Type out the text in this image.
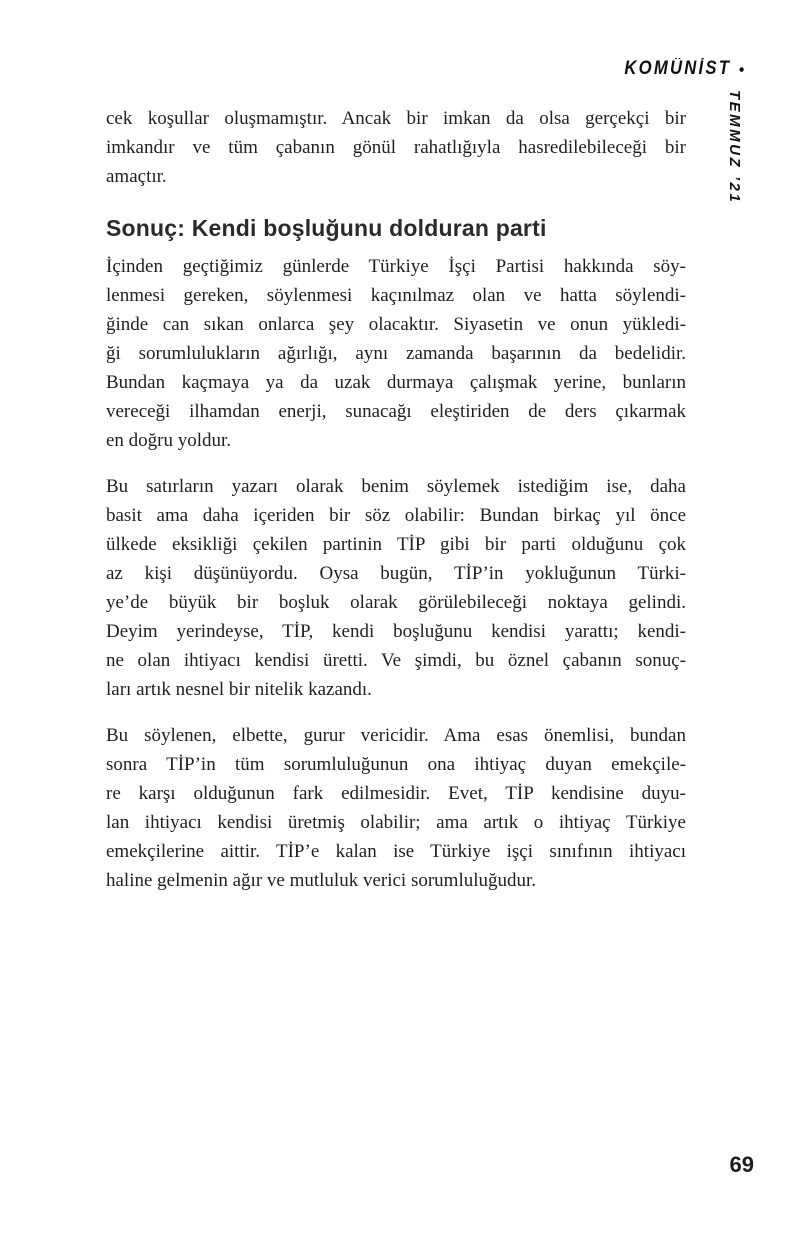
KOMÜNİST •
TEMMUZ ’21
cek koşullar oluşmamıştır. Ancak bir imkan da olsa gerçekçi bir
imkandır ve tüm çabanın gönül rahatlığıyla hasredilebileceği bir
amaçtır.
Sonuç: Kendi boşluğunu dolduran parti
İçinden geçtiğimiz günlerde Türkiye İşçi Partisi hakkında söy-
lenmesi gereken, söylenmesi kaçınılmaz olan ve hatta söylendi-
ğinde can sıkan onlarca şey olacaktır. Siyasetin ve onun yükledi-
ği sorumlulukların ağırlığı, aynı zamanda başarının da bedelidir.
Bundan kaçmaya ya da uzak durmaya çalışmak yerine, bunların
vereceği ilhamdan enerji, sunacağı eleştiriden de ders çıkarmak
en doğru yoldur.
Bu satırların yazarı olarak benim söylemek istediğim ise, daha
basit ama daha içeriden bir söz olabilir: Bundan birkaç yıl önce
ülkede eksikliği çekilen partinin TİP gibi bir parti olduğunu çok
az kişi düşünüyordu. Oysa bugün, TİP’in yokluğunun Türki-
ye’de büyük bir boşluk olarak görülebileceği noktaya gelindi.
Deyim yerindeyse, TİP, kendi boşluğunu kendisi yarattı; kendi-
ne olan ihtiyacı kendisi üretti. Ve şimdi, bu öznel çabanın sonuç-
ları artık nesnel bir nitelik kazandı.
Bu söylenen, elbette, gurur vericidir. Ama esas önemlisi, bundan
sonra TİP’in tüm sorumluluğunun ona ihtiyaç duyan emekçile-
re karşı olduğunun fark edilmesidir. Evet, TİP kendisine duyu-
lan ihtiyacı kendisi üretmiş olabilir; ama artık o ihtiyaç Türkiye
emekçilerine aittir. TİP’e kalan ise Türkiye işçi sınıfının ihtiyacı
haline gelmenin ağır ve mutluluk verici sorumluluğudur.
69
